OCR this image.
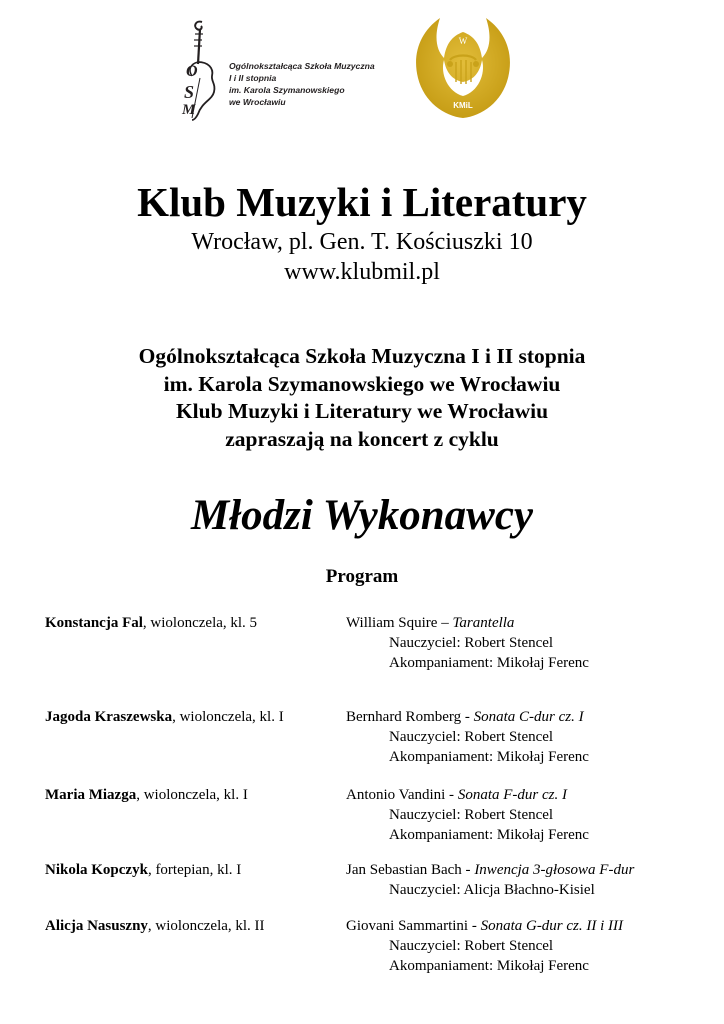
O
S
M
Ogólnokształcąca Szkoła Muzyczna
I i II stopnia
im. Karola Szymanowskiego
we Wrocławiu
W
KMiL
Klub Muzyki i Literatury
Wrocław, pl. Gen. T. Kościuszki 10
www.klubmil.pl
Ogólnokształcąca Szkoła Muzyczna I i II stopnia
im. Karola Szymanowskiego we Wrocławiu
Klub Muzyki i Literatury we Wrocławiu
zapraszają na koncert z cyklu
Młodzi Wykonawcy
Program
Konstancja Fal, wiolonczela, kl. 5	William Squire – Tarantella
Nauczyciel: Robert Stencel
Akompaniament: Mikołaj Ferenc
Jagoda Kraszewska, wiolonczela, kl. I	Bernhard Romberg - Sonata C-dur cz. I
Nauczyciel: Robert Stencel
Akompaniament: Mikołaj Ferenc
Maria Miazga, wiolonczela, kl. I	Antonio Vandini - Sonata F-dur cz. I
Nauczyciel: Robert Stencel
Akompaniament: Mikołaj Ferenc
Nikola Kopczyk, fortepian, kl. I	Jan Sebastian Bach - Inwencja 3-głosowa F-dur
Nauczyciel: Alicja Błachno-Kisiel
Alicja Nasuszny, wiolonczela, kl. II	Giovani Sammartini - Sonata G-dur cz. II i III
Nauczyciel: Robert Stencel
Akompaniament: Mikołaj Ferenc
